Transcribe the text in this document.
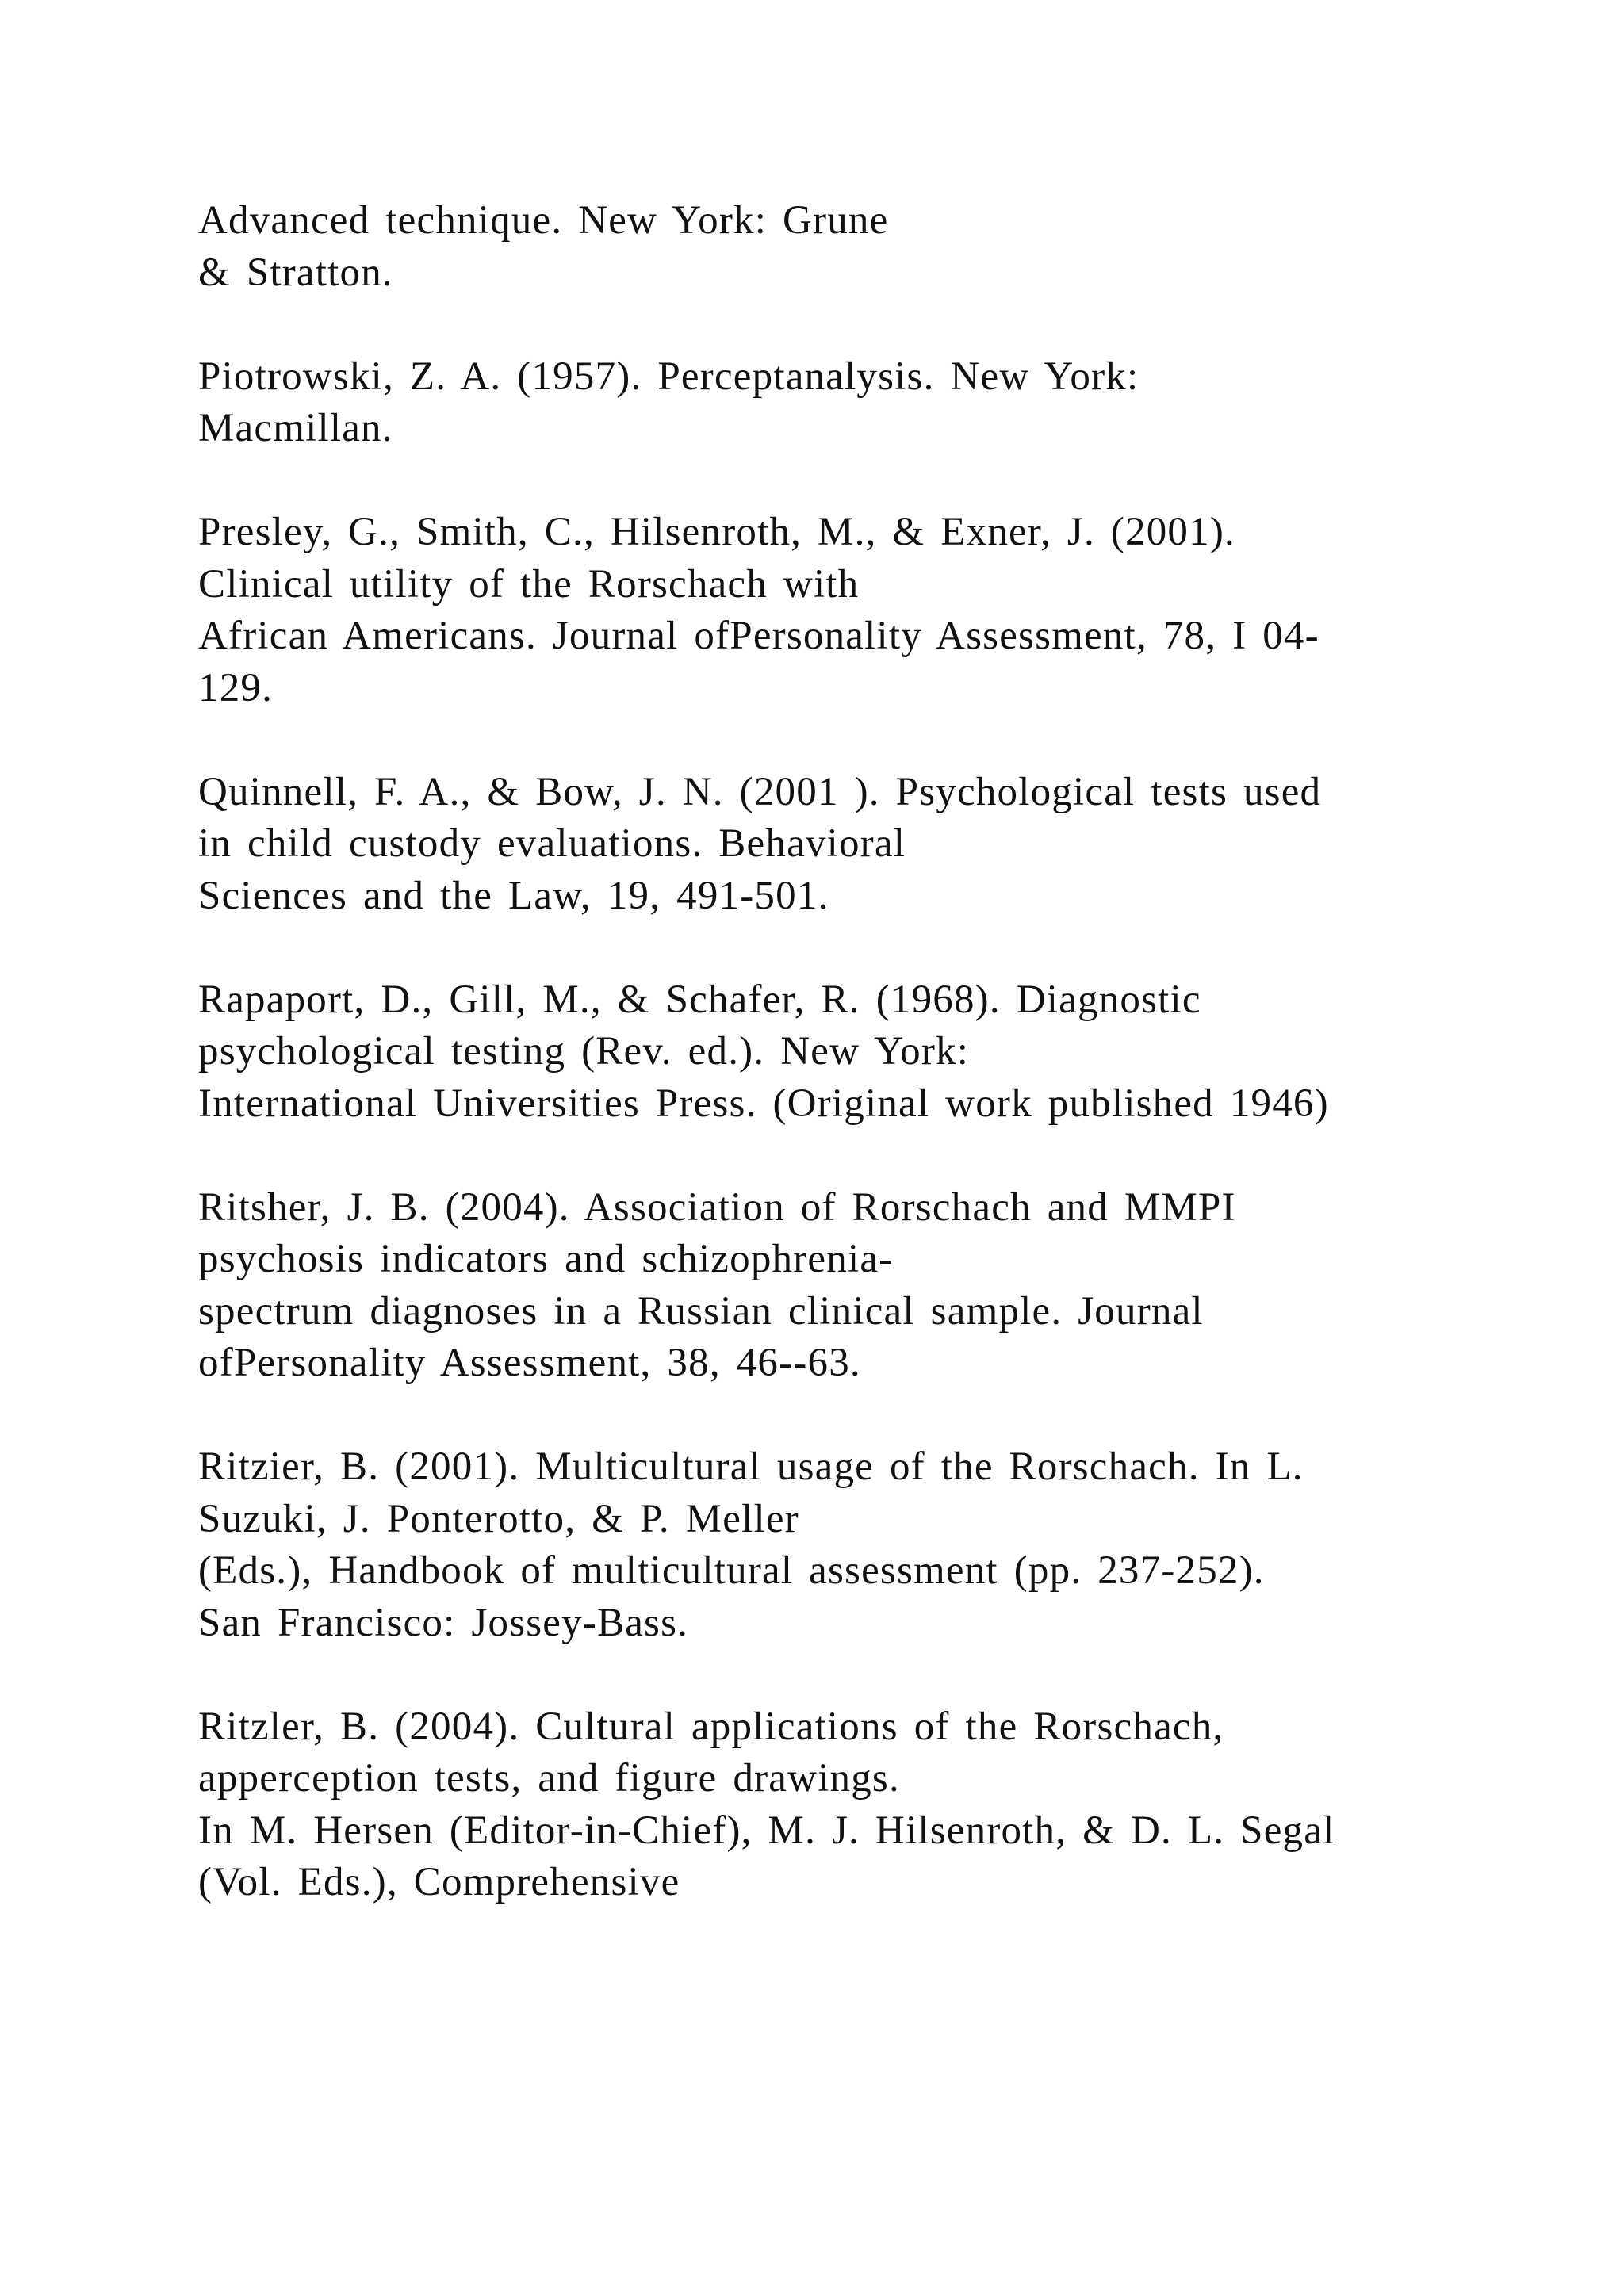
Advanced technique. New York: Grune
& Stratton.
Piotrowski, Z. A. (1957). Perceptanalysis. New York:
Macmillan.
Presley, G., Smith, C., Hilsenroth, M., & Exner, J. (2001).
Clinical utility of the Rorschach with
African Americans. Journal ofPersonality Assessment, 78, I 04-
129.
Quinnell, F. A., & Bow, J. N. (2001 ). Psychological tests used
in child custody evaluations. Behavioral
Sciences and the Law, 19, 491-501.
Rapaport, D., Gill, M., & Schafer, R. (1968). Diagnostic
psychological testing (Rev. ed.). New York:
International Universities Press. (Original work published 1946)
Ritsher, J. B. (2004). Association of Rorschach and MMPI
psychosis indicators and schizophrenia-
spectrum diagnoses in a Russian clinical sample. Journal
ofPersonality Assessment, 38, 46--63.
Ritzier, B. (2001). Multicultural usage of the Rorschach. In L.
Suzuki, J. Ponterotto, & P. Meller
(Eds.), Handbook of multicultural assessment (pp. 237-252).
San Francisco: Jossey-Bass.
Ritzler, B. (2004). Cultural applications of the Rorschach,
apperception tests, and figure drawings.
In M. Hersen (Editor-in-Chief), M. J. Hilsenroth, & D. L. Segal
(Vol. Eds.), Comprehensive
